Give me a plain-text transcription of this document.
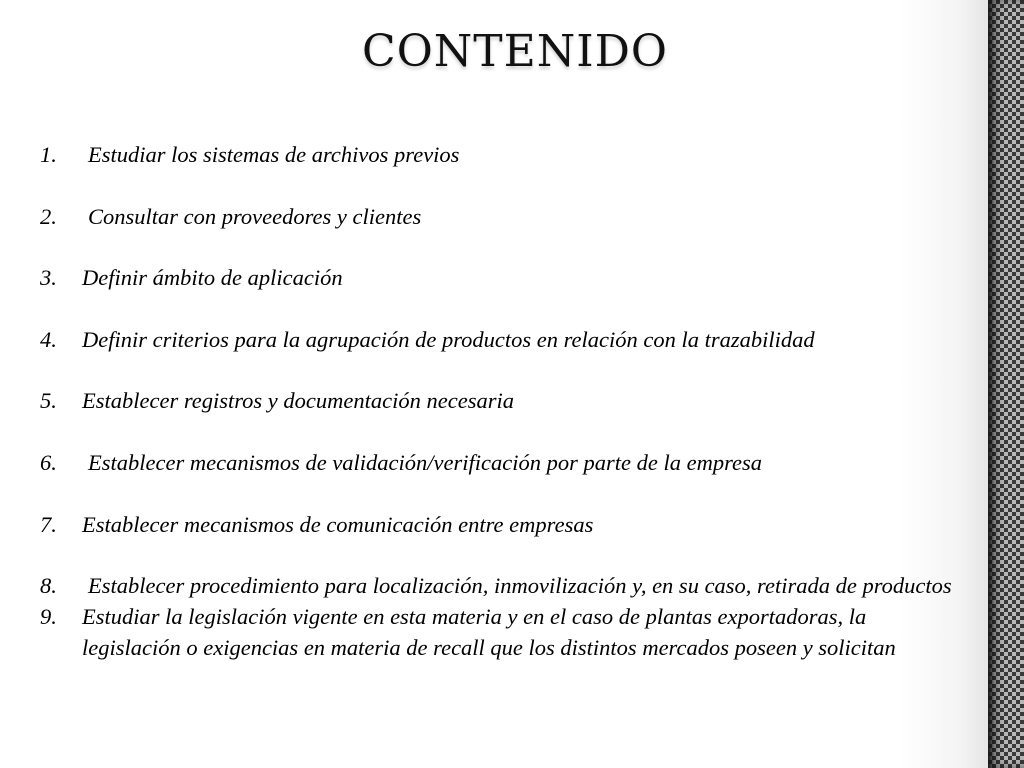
CONTENIDO
1. Estudiar los sistemas de archivos previos
2. Consultar con proveedores y clientes
3. Definir ámbito de aplicación
4. Definir criterios para la agrupación de productos en relación con la trazabilidad
5. Establecer registros y documentación necesaria
6. Establecer mecanismos de validación/verificación por parte de la empresa
7. Establecer mecanismos de comunicación entre empresas
8. Establecer procedimiento para localización, inmovilización y, en su caso, retirada de productos
9. Estudiar la legislación vigente en esta materia y en el caso de plantas exportadoras, la legislación o exigencias en materia de recall que los distintos mercados poseen y solicitan
